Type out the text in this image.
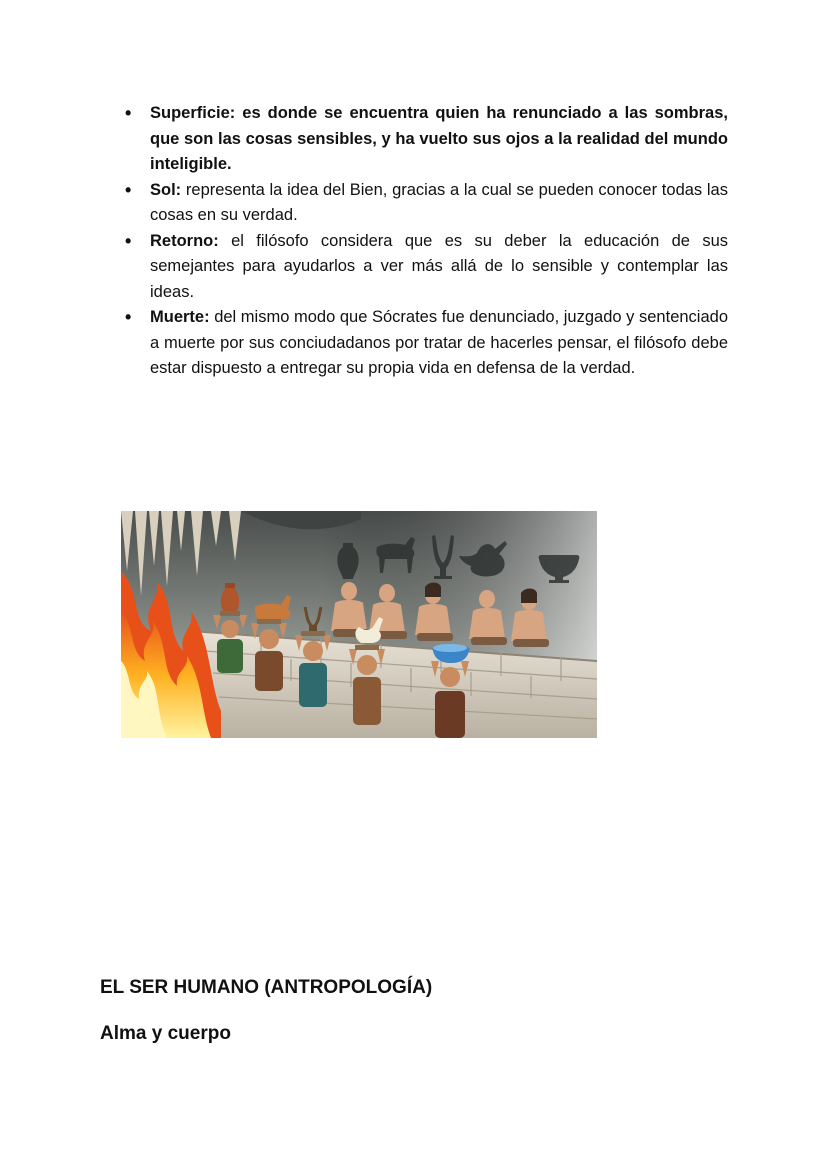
• Superficie: es donde se encuentra quien ha renunciado a las sombras, que son las cosas sensibles, y ha vuelto sus ojos a la realidad del mundo inteligible.
• Sol: representa la idea del Bien, gracias a la cual se pueden conocer todas las cosas en su verdad.
• Retorno: el filósofo considera que es su deber la educación de sus semejantes para ayudarlos a ver más allá de lo sensible y contemplar las ideas.
• Muerte: del mismo modo que Sócrates fue denunciado, juzgado y sentenciado a muerte por sus conciudadanos por tratar de hacerles pensar, el filósofo debe estar dispuesto a entregar su propia vida en defensa de la verdad.
EL SER HUMANO (ANTROPOLOGÍA)
Alma y cuerpo
